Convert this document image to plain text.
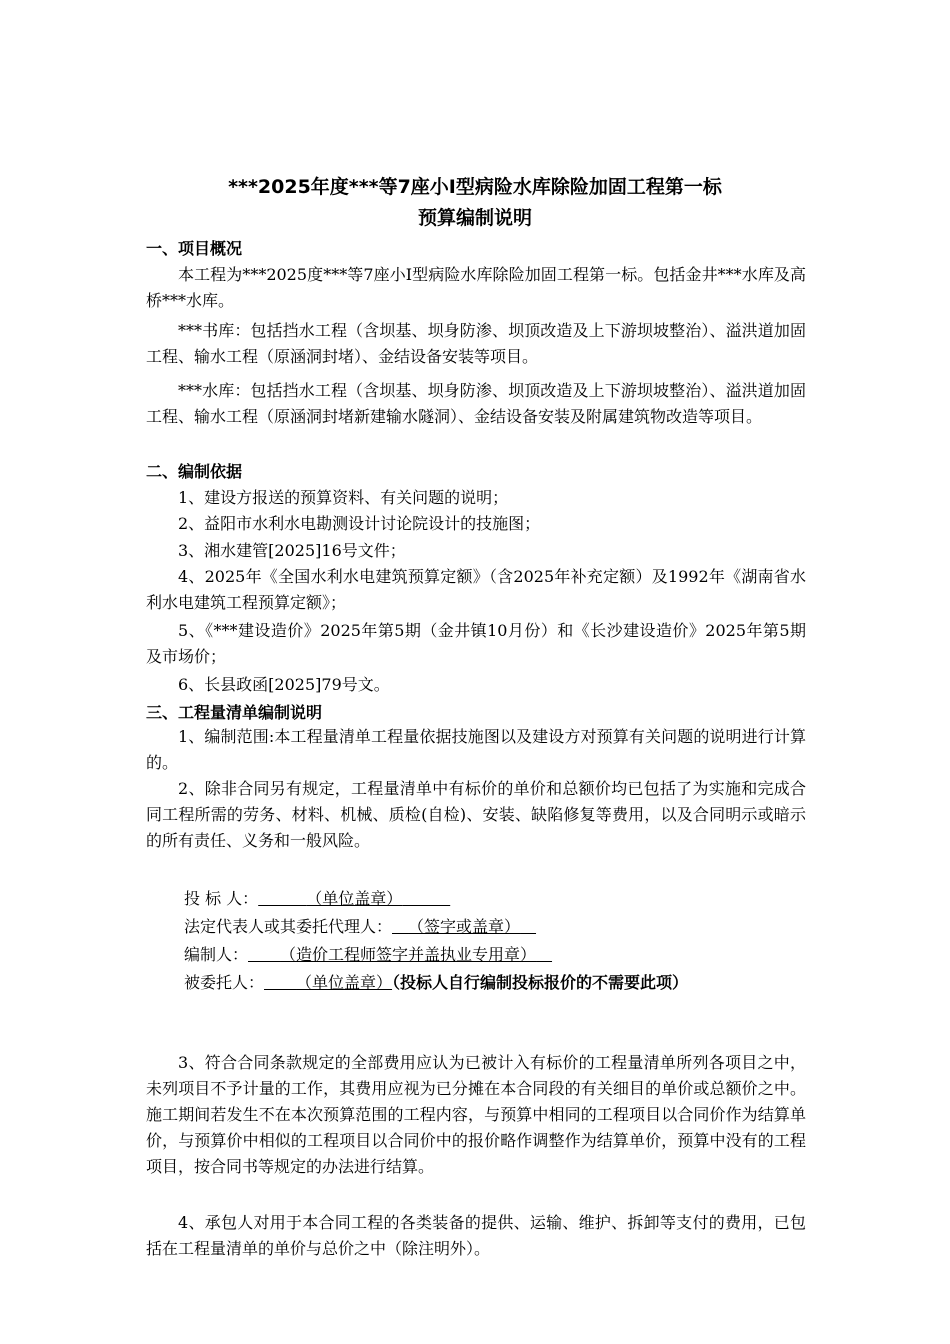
***2025年度***等7座小Ⅰ型病险水库除险加固工程第一标
预算编制说明
一、项目概况
本工程为***2025度***等7座小Ⅰ型病险水库除险加固工程第一标。包括金井***水库及高桥***水库。
***书库：包括挡水工程（含坝基、坝身防渗、坝顶改造及上下游坝坡整治）、溢洪道加固工程、输水工程（原涵洞封堵）、金结设备安装等项目。
***水库：包括挡水工程（含坝基、坝身防渗、坝顶改造及上下游坝坡整治）、溢洪道加固工程、输水工程（原涵洞封堵新建输水隧洞）、金结设备安装及附属建筑物改造等项目。
二、编制依据
1、建设方报送的预算资料、有关问题的说明；
2、益阳市水利水电勘测设计讨论院设计的技施图；
3、湘水建管[2025]16号文件；
4、2025年《全国水利水电建筑预算定额》（含2025年补充定额）及1992年《湖南省水利水电建筑工程预算定额》；
5、《***建设造价》2025年第5期（金井镇10月份）和《长沙建设造价》2025年第5期及市场价；
6、长县政函[2025]79号文。
三、工程量清单编制说明
1、编制范围:本工程量清单工程量依据技施图以及建设方对预算有关问题的说明进行计算的。
2、除非合同另有规定，工程量清单中有标价的单价和总额价均已包括了为实施和完成合同工程所需的劳务、材料、机械、质检(自检)、安装、缺陷修复等费用，以及合同明示或暗示的所有责任、义务和一般风险。
投 标 人：   	（单位盖章）   
法定代表人或其委托代理人：  （签字或盖章） 
编制人：   （造价工程师签字并盖执业专用章） 
被委托人：   （单位盖章）（投标人自行编制投标报价的不需要此项）
3、符合合同条款规定的全部费用应认为已被计入有标价的工程量清单所列各项目之中，未列项目不予计量的工作，其费用应视为已分摊在本合同段的有关细目的单价或总额价之中。施工期间若发生不在本次预算范围的工程内容，与预算中相同的工程项目以合同价作为结算单价，与预算价中相似的工程项目以合同价中的报价略作调整作为结算单价，预算中没有的工程项目，按合同书等规定的办法进行结算。
4、承包人对用于本合同工程的各类装备的提供、运输、维护、拆卸等支付的费用，已包括在工程量清单的单价与总价之中（除注明外）。
